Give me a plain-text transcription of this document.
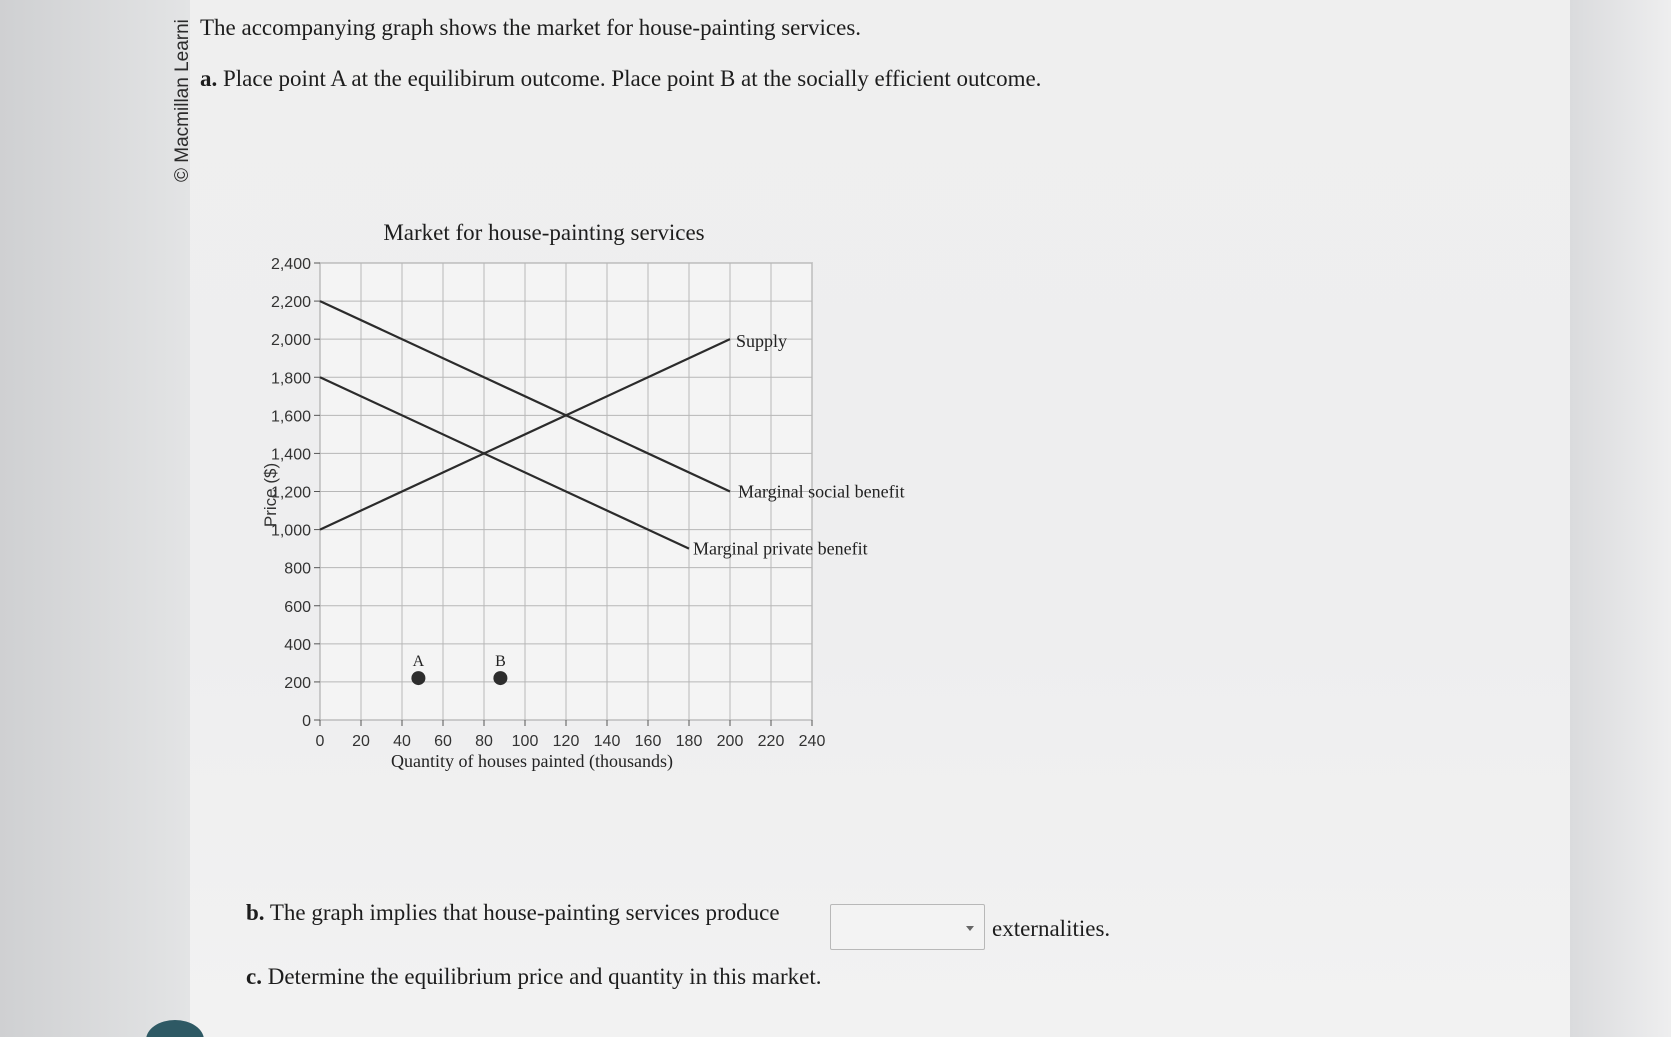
© Macmillan Learni The accompanying graph shows the market for house-painting services.
a. Place point A at the equilibirum outcome. Place point B at the socially efficient outcome.
Market for house-painting services
0
200
400
600
800
1,000
1,200
1,400
1,600
1,800
2,000
2,200
2,400
0 20 40 60 80 100 120 140 160 180 200 220 240
Supply
Marginal social benefit
Marginal private benefit
A	B
Quantity of houses painted (thousands)
Price ($)
b. The graph implies that house-painting services produce
externalities.
c. Determine the equilibrium price and quantity in this market.
